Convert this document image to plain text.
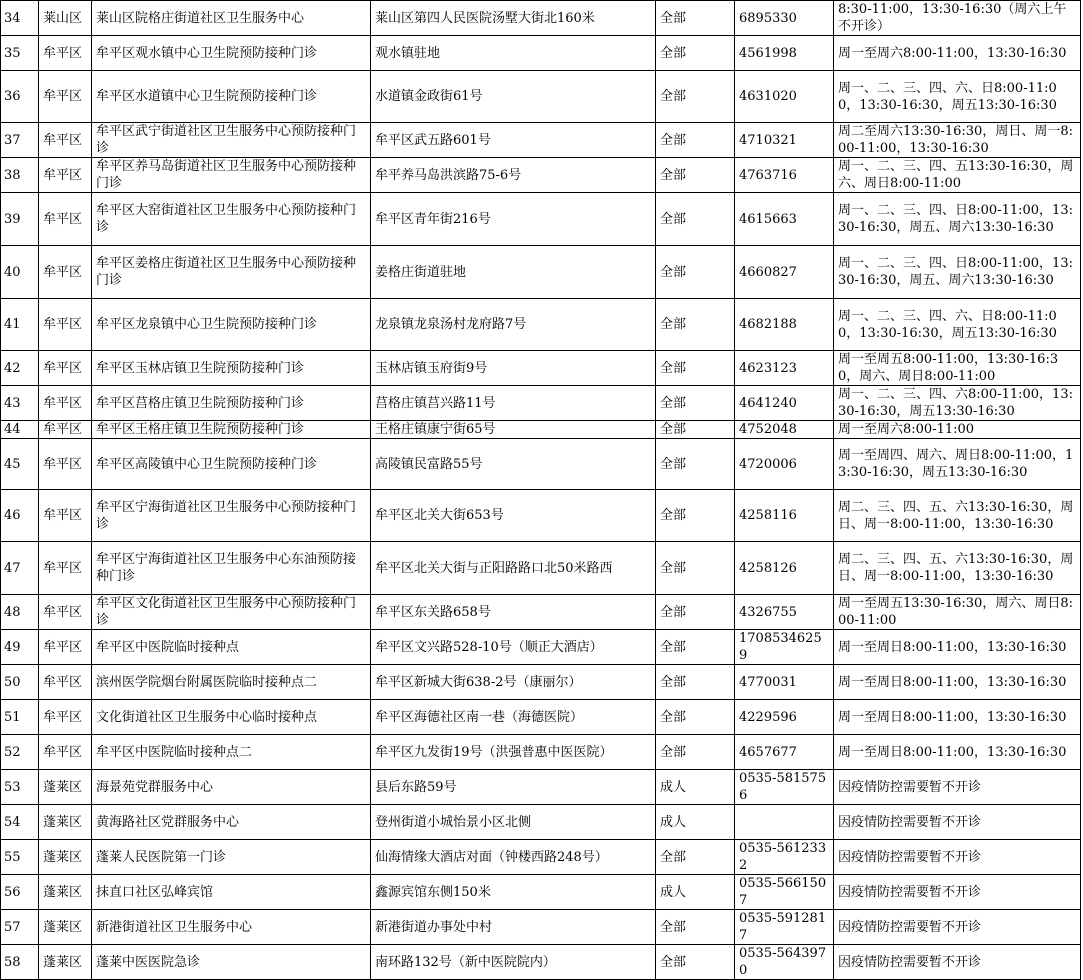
34	莱山区	莱山区院格庄街道社区卫生服务中心	莱山区第四人民医院汤墅大街北160米	全部	6895330	8:30-11:00，13:30-16:30（周六上午不开诊）
35	牟平区	牟平区观水镇中心卫生院预防接种门诊	观水镇驻地	全部	4561998	周一至周六8:00-11:00，13:30-16:30
36	牟平区	牟平区水道镇中心卫生院预防接种门诊	水道镇金政街61号	全部	4631020	周一、二、三、四、六、日8:00-11:00，13:30-16:30，周五13:30-16:30
37	牟平区	牟平区武宁街道社区卫生服务中心预防接种门诊	牟平区武五路601号	全部	4710321	周二至周六13:30-16:30，周日、周一8:00-11:00，13:30-16:30
38	牟平区	牟平区养马岛街道社区卫生服务中心预防接种门诊	牟平养马岛洪滨路75-6号	全部	4763716	周一、二、三、四、五13:30-16:30，周六、周日8:00-11:00
39	牟平区	牟平区大窑街道社区卫生服务中心预防接种门诊	牟平区青年街216号	全部	4615663	周一、二、三、四、日8:00-11:00，13:30-16:30，周五、周六13:30-16:30
40	牟平区	牟平区姜格庄街道社区卫生服务中心预防接种门诊	姜格庄街道驻地	全部	4660827	周一、二、三、四、日8:00-11:00，13:30-16:30，周五、周六13:30-16:30
41	牟平区	牟平区龙泉镇中心卫生院预防接种门诊	龙泉镇龙泉汤村龙府路7号	全部	4682188	周一、二、三、四、六、日8:00-11:00，13:30-16:30，周五13:30-16:30
42	牟平区	牟平区玉林店镇卫生院预防接种门诊	玉林店镇玉府街9号	全部	4623123	周一至周五8:00-11:00，13:30-16:30，周六、周日8:00-11:00
43	牟平区	牟平区莒格庄镇卫生院预防接种门诊	莒格庄镇莒兴路11号	全部	4641240	周一、二、三、四、六8:00-11:00，13:30-16:30，周五13:30-16:30
44	牟平区	牟平区王格庄镇卫生院预防接种门诊	王格庄镇康宁街65号	全部	4752048	周一至周六8:00-11:00
45	牟平区	牟平区高陵镇中心卫生院预防接种门诊	高陵镇民富路55号	全部	4720006	周一至周四、周六、周日8:00-11:00，13:30-16:30，周五13:30-16:30
46	牟平区	牟平区宁海街道社区卫生服务中心预防接种门诊	牟平区北关大街653号	全部	4258116	周二、三、四、五、六13:30-16:30，周日、周一8:00-11:00，13:30-16:30
47	牟平区	牟平区宁海街道社区卫生服务中心东油预防接种门诊	牟平区北关大街与正阳路路口北50米路西	全部	4258126	周二、三、四、五、六13:30-16:30，周日、周一8:00-11:00，13:30-16:30
48	牟平区	牟平区文化街道社区卫生服务中心预防接种门诊	牟平区东关路658号	全部	4326755	周一至周五13:30-16:30，周六、周日8:00-11:00
49	牟平区	牟平区中医院临时接种点	牟平区文兴路528-10号（顺正大酒店）	全部	17085346259	周一至周日8:00-11:00，13:30-16:30
50	牟平区	滨州医学院烟台附属医院临时接种点二	牟平区新城大街638-2号（康丽尔）	全部	4770031	周一至周日8:00-11:00，13:30-16:30
51	牟平区	文化街道社区卫生服务中心临时接种点	牟平区海德社区南一巷（海德医院）	全部	4229596	周一至周日8:00-11:00，13:30-16:30
52	牟平区	牟平区中医院临时接种点二	牟平区九发街19号（洪强普惠中医医院）	全部	4657677	周一至周日8:00-11:00，13:30-16:30
53	蓬莱区	海景苑党群服务中心	县后东路59号	成人	0535-5815756	因疫情防控需要暂不开诊
54	蓬莱区	黄海路社区党群服务中心	登州街道小城怡景小区北侧	成人		因疫情防控需要暂不开诊
55	蓬莱区	蓬莱人民医院第一门诊	仙海情缘大酒店对面（钟楼西路248号）	全部	0535-5612332	因疫情防控需要暂不开诊
56	蓬莱区	抹直口社区弘峰宾馆	鑫源宾馆东侧150米	成人	0535-5661507	因疫情防控需要暂不开诊
57	蓬莱区	新港街道社区卫生服务中心	新港街道办事处中村	全部	0535-5912817	因疫情防控需要暂不开诊
58	蓬莱区	蓬莱中医医院急诊	南环路132号（新中医院院内）	全部	0535-5643970	因疫情防控需要暂不开诊
